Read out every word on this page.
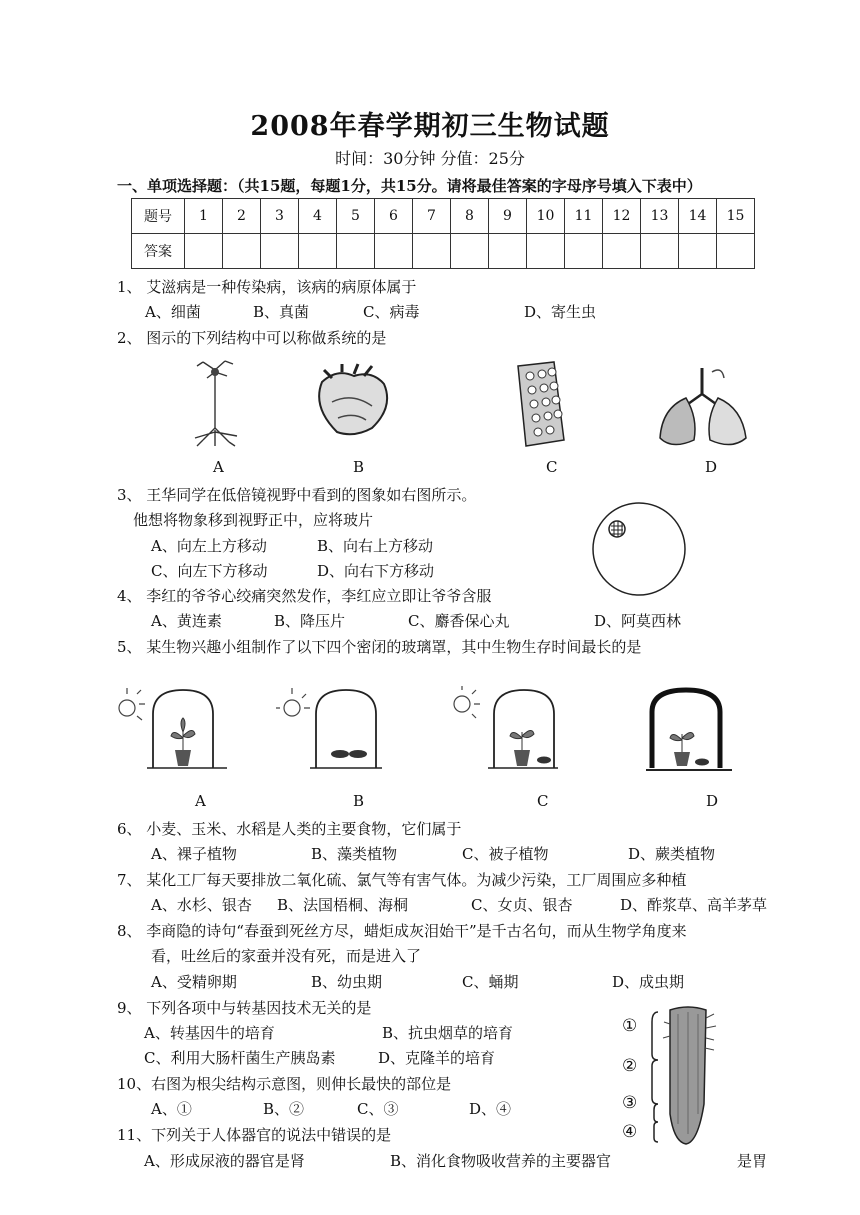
2008年春学期初三生物试题
时间：30分钟 分值：25分
一、单项选择题：（共15题，每题1分，共15分。请将最佳答案的字母序号填入下表中）
题号	1	2	3	4	5	6	7	8	9	10	11	12	13	14	15
答案															
1、 艾滋病是一种传染病，该病的病原体属于
A、细菌	B、真菌	C、病毒	D、寄生虫
2、 图示的下列结构中可以称做系统的是
A	B	C	D
3、 王华同学在低倍镜视野中看到的图象如右图所示。
他想将物象移到视野正中，应将玻片
A、向左上方移动	B、向右上方移动
C、向左下方移动	D、向右下方移动
4、 李红的爷爷心绞痛突然发作，李红应立即让爷爷含服
A、黄连素	B、降压片	C、麝香保心丸	D、阿莫西林
5、 某生物兴趣小组制作了以下四个密闭的玻璃罩，其中生物生存时间最长的是
A	B	C	D
6、 小麦、玉米、水稻是人类的主要食物，它们属于
A、裸子植物	B、藻类植物	C、被子植物	D、蕨类植物
7、 某化工厂每天要排放二氧化硫、氯气等有害气体。为减少污染，工厂周围应多种植
A、水杉、银杏 B、法国梧桐、海桐	C、女贞、银杏	D、酢浆草、高羊茅草
8、 李商隐的诗句“春蚕到死丝方尽，蜡炬成灰泪始干”是千古名句，而从生物学角度来
看，吐丝后的家蚕并没有死，而是进入了
A、受精卵期	B、幼虫期	C、蛹期	D、成虫期
9、 下列各项中与转基因技术无关的是
A、转基因牛的培育	B、抗虫烟草的培育
C、利用大肠杆菌生产胰岛素	D、克隆羊的培育
10、右图为根尖结构示意图，则伸长最快的部位是
A、①	B、②	C、③	D、④
①
②
③
④
11、下列关于人体器官的说法中错误的是
A、形成尿液的器官是肾	B、消化食物吸收营养的主要器官	是胃
